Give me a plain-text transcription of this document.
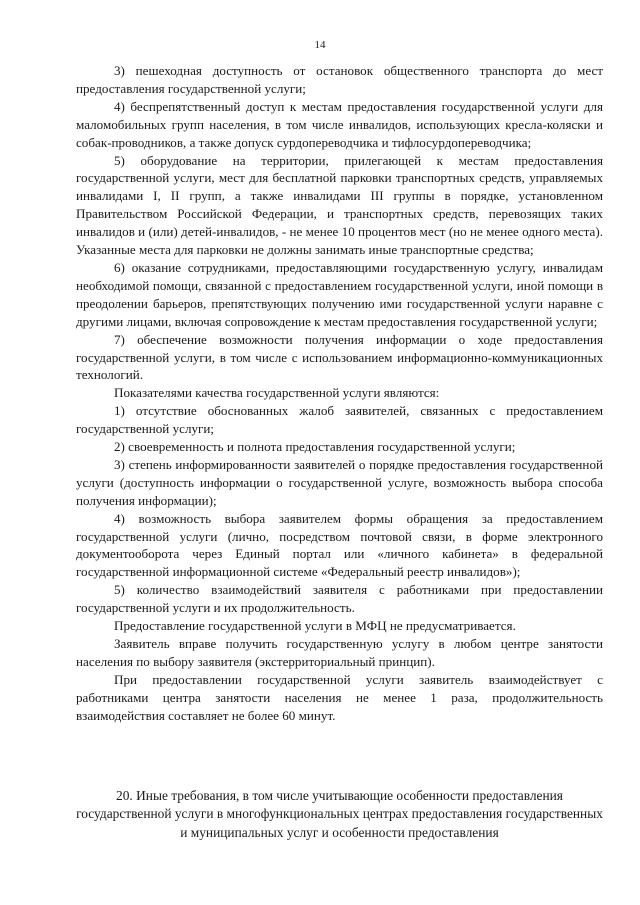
14

3) пешеходная доступность от остановок общественного транспорта до мест предоставления государственной услуги;

4) беспрепятственный доступ к местам предоставления государственной услуги для маломобильных групп населения, в том числе инвалидов, использующих кресла-коляски и собак-проводников, а также допуск сурдопереводчика и тифлосурдопереводчика;

5) оборудование на территории, прилегающей к местам предоставления государственной услуги, мест для бесплатной парковки транспортных средств, управляемых инвалидами I, II групп, а также инвалидами III группы в порядке, установленном Правительством Российской Федерации, и транспортных средств, перевозящих таких инвалидов и (или) детей-инвалидов, - не менее 10 процентов мест (но не менее одного места). Указанные места для парковки не должны занимать иные транспортные средства;

6) оказание сотрудниками, предоставляющими государственную услугу, инвалидам необходимой помощи, связанной с предоставлением государственной услуги, иной помощи в преодолении барьеров, препятствующих получению ими государственной услуги наравне с другими лицами, включая сопровождение к местам предоставления государственной услуги;

7) обеспечение возможности получения информации о ходе предоставления государственной услуги, в том числе с использованием информационно-коммуникационных технологий.

Показателями качества государственной услуги являются:

1) отсутствие обоснованных жалоб заявителей, связанных с предоставлением государственной услуги;

2) своевременность и полнота предоставления государственной услуги;

3) степень информированности заявителей о порядке предоставления государственной услуги (доступность информации о государственной услуге, возможность выбора способа получения информации);

4) возможность выбора заявителем формы обращения за предоставлением государственной услуги (лично, посредством почтовой связи, в форме электронного документооборота через Единый портал или «личного кабинета» в федеральной государственной информационной системе «Федеральный реестр инвалидов»);

5) количество взаимодействий заявителя с работниками при предоставлении государственной услуги и их продолжительность.

Предоставление государственной услуги в МФЦ не предусматривается.

Заявитель вправе получить государственную услугу в любом центре занятости населения по выбору заявителя (экстерриториальный принцип).

При предоставлении государственной услуги заявитель взаимодействует с работниками центра занятости населения не менее 1 раза, продолжительность взаимодействия составляет не более 60 минут.

20. Иные требования, в том числе учитывающие особенности предоставления государственной услуги в многофункциональных центрах предоставления государственных и муниципальных услуг и особенности предоставления
